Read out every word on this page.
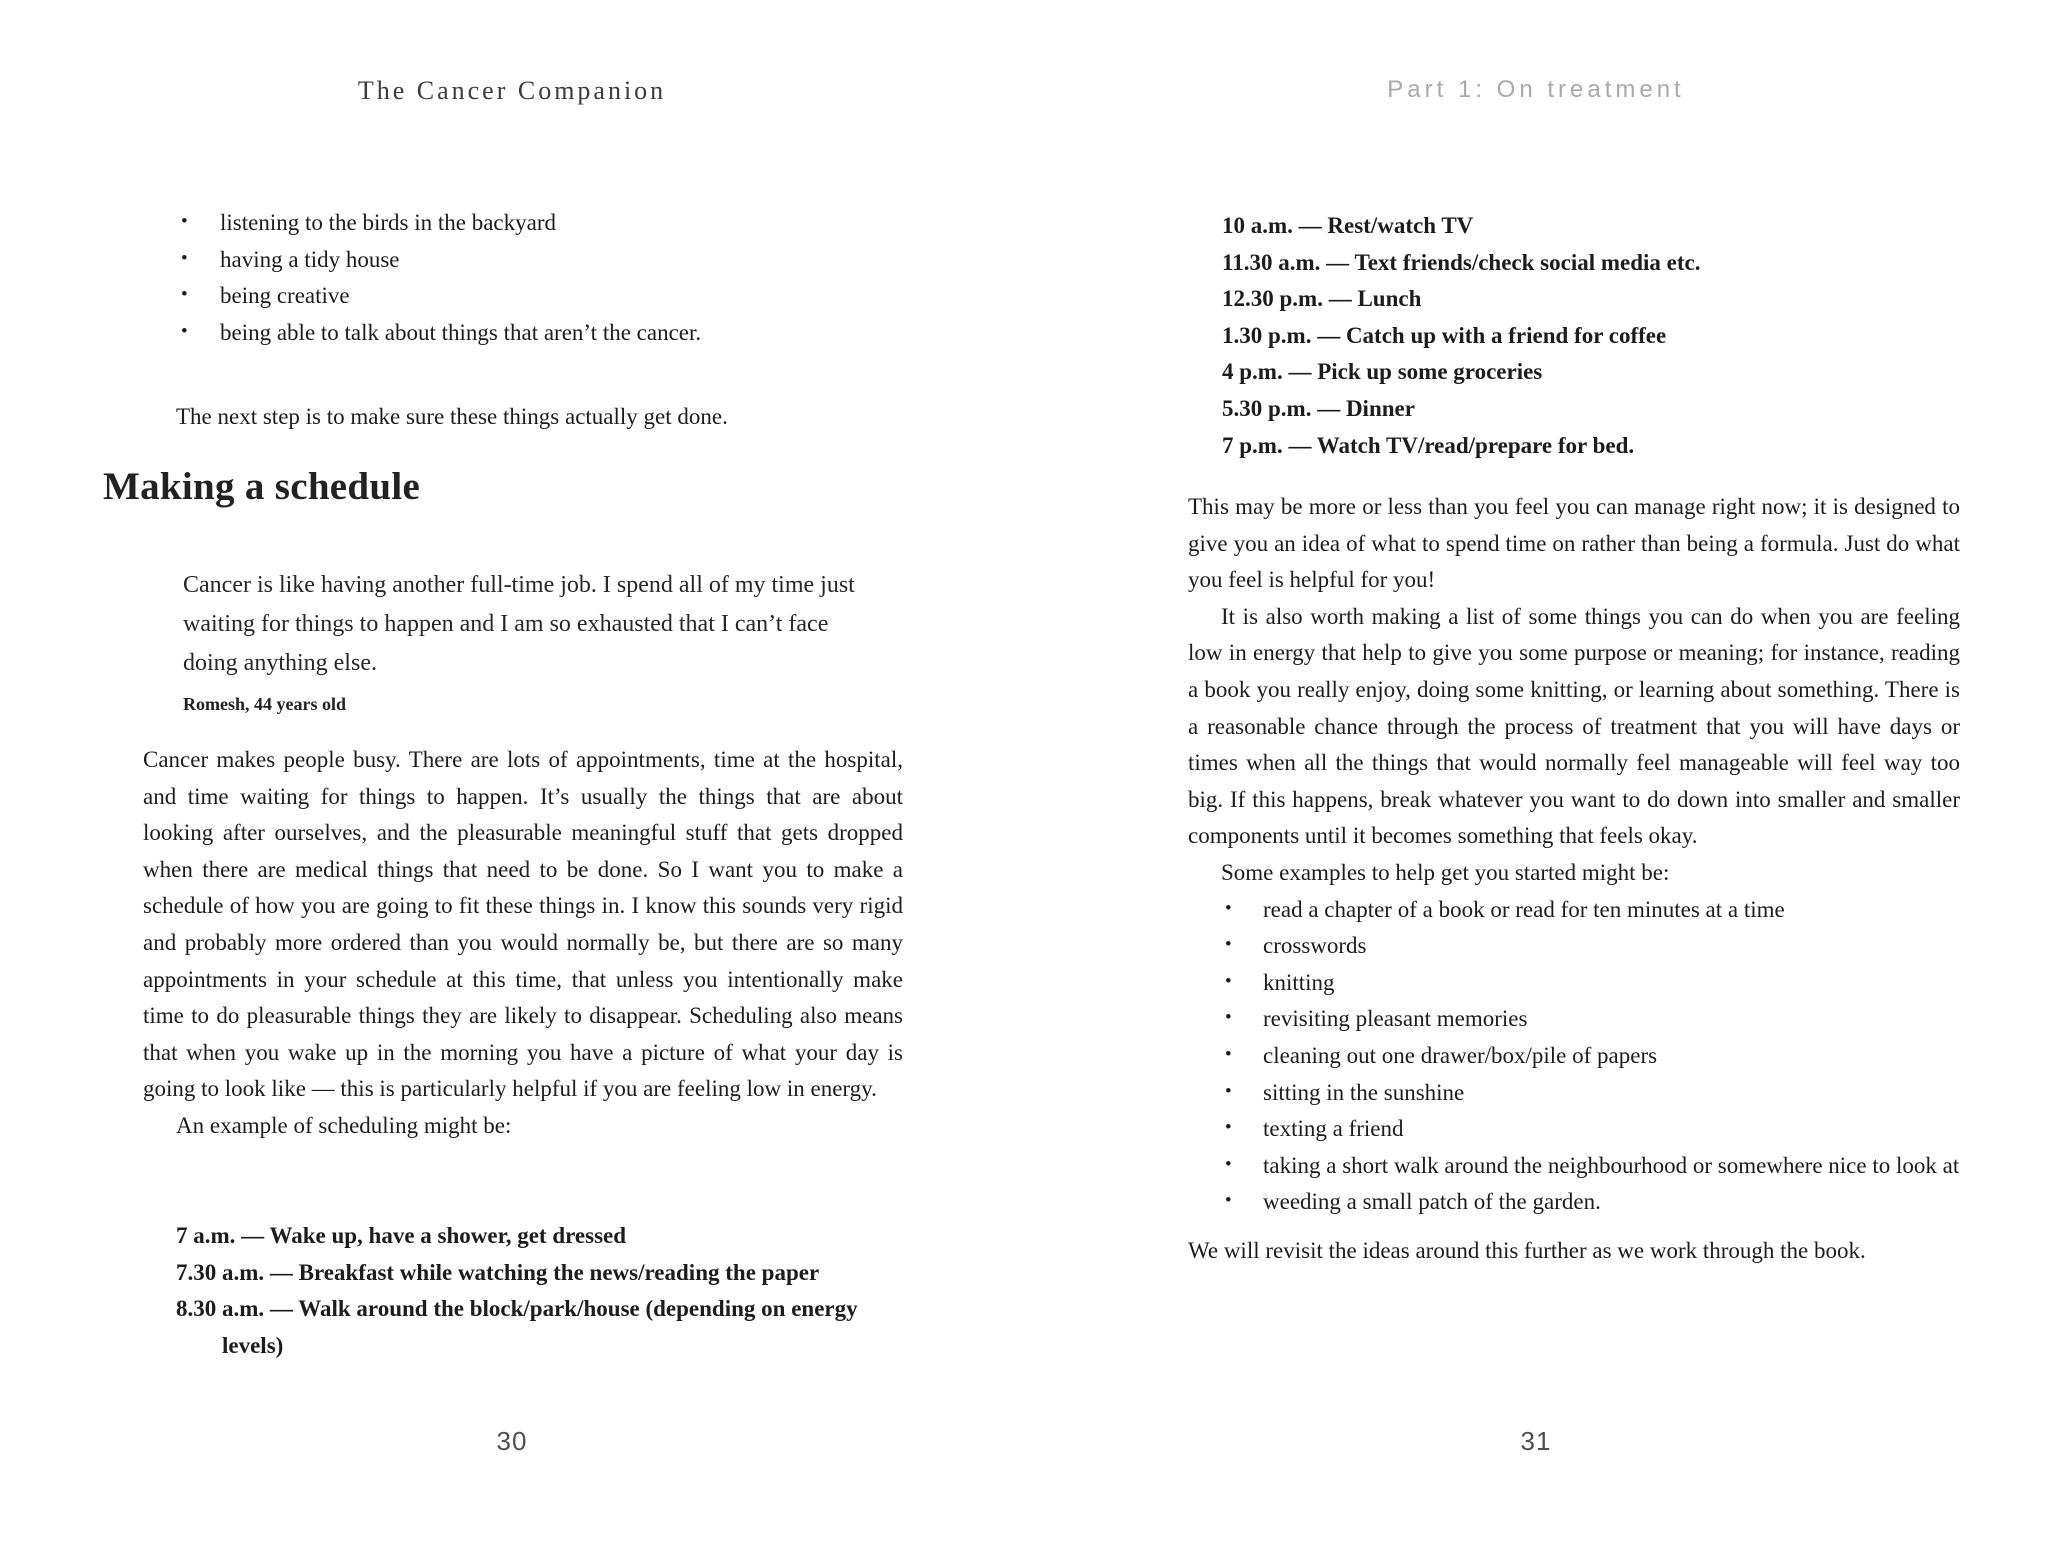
The Cancer Companion
• listening to the birds in the backyard
• having a tidy house
• being creative
• being able to talk about things that aren’t the cancer.

The next step is to make sure these things actually get done.

Making a schedule
Cancer is like having another full-time job. I spend all of my time just waiting for things to happen and I am so exhausted that I can’t face doing anything else.

Romesh, 44 years old

Cancer makes people busy. There are lots of appointments, time at the hospital, and time waiting for things to happen. It’s usually the things that are about looking after ourselves, and the pleasurable meaningful stuff that gets dropped when there are medical things that need to be done. So I want you to make a schedule of how you are going to fit these things in. I know this sounds very rigid and probably more ordered than you would normally be, but there are so many appointments in your schedule at this time, that unless you intentionally make time to do pleasurable things they are likely to disappear. Scheduling also means that when you wake up in the morning you have a picture of what your day is going to look like — this is particularly helpful if you are feeling low in energy.

An example of scheduling might be:

7 a.m. — Wake up, have a shower, get dressed

7.30 a.m. — Breakfast while watching the news/reading the paper

8.30 a.m. — Walk around the block/park/house (depending on energy levels)

30
Part 1: On treatment

10 a.m. — Rest/watch TV

11.30 a.m. — Text friends/check social media etc.

12.30 p.m. — Lunch

1.30 p.m. — Catch up with a friend for coffee

4 p.m. — Pick up some groceries

5.30 p.m. — Dinner

7 p.m. — Watch TV/read/prepare for bed.

This may be more or less than you feel you can manage right now; it is designed to give you an idea of what to spend time on rather than being a formula. Just do what you feel is helpful for you!

It is also worth making a list of some things you can do when you are feeling low in energy that help to give you some purpose or meaning; for instance, reading a book you really enjoy, doing some knitting, or learning about something. There is a reasonable chance through the process of treatment that you will have days or times when all the things that would normally feel manageable will feel way too big. If this happens, break whatever you want to do down into smaller and smaller components until it becomes something that feels okay.

Some examples to help get you started might be:

• read a chapter of a book or read for ten minutes at a time
• crosswords
• knitting
• revisiting pleasant memories
• cleaning out one drawer/box/pile of papers
• sitting in the sunshine
• texting a friend
• taking a short walk around the neighbourhood or somewhere nice to look at
• weeding a small patch of the garden.

We will revisit the ideas around this further as we work through the book.

31
